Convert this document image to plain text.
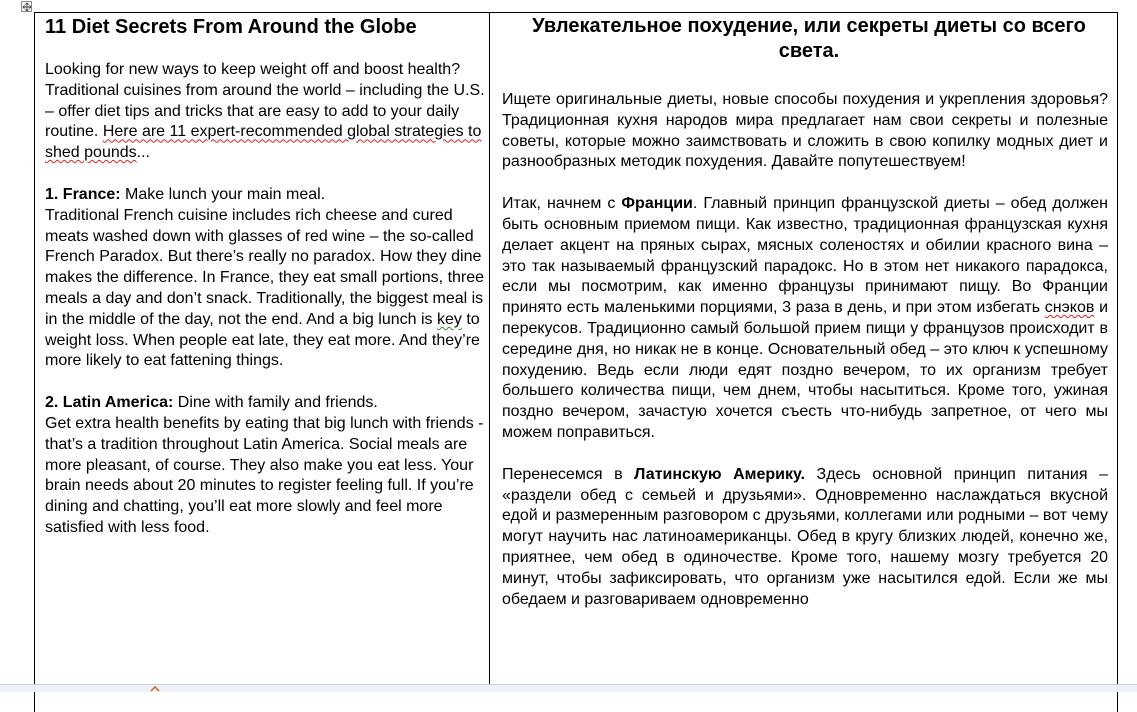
11 Diet Secrets From Around the Globe

Looking for new ways to keep weight off and boost health? Traditional cuisines from around the world – including the U.S. – offer diet tips and tricks that are easy to add to your daily routine. Here are 11 expert-recommended global strategies to shed pounds...

1. France: Make lunch your main meal.

Traditional French cuisine includes rich cheese and cured meats washed down with glasses of red wine – the so-called French Paradox. But there’s really no paradox. How they dine makes the difference. In France, they eat small portions, three meals a day and don’t snack. Traditionally, the biggest meal is in the middle of the day, not the end. And a big lunch is key to weight loss. When people eat late, they eat more. And they’re more likely to eat fattening things.

2. Latin America: Dine with family and friends.

Get extra health benefits by eating that big lunch with friends - that’s a tradition throughout Latin America. Social meals are more pleasant, of course. They also make you eat less. Your brain needs about 20 minutes to register feeling full. If you’re dining and chatting, you’ll eat more slowly and feel more satisfied with less food.

Увлекательное похудение, или секреты диеты со всего света.

Ищете оригинальные диеты, новые способы похудения и укрепления здоровья? Традиционная кухня народов мира предлагает нам свои секреты и полезные советы, которые можно заимствовать и сложить в свою копилку модных диет и разнообразных методик похудения. Давайте попутешествуем!

Итак, начнем с Франции. Главный принцип французской диеты – обед должен быть основным приемом пищи. Как известно, традиционная французская кухня делает акцент на пряных сырах, мясных соленостях и обилии красного вина – это так называемый французский парадокс. Но в этом нет никакого парадокса, если мы посмотрим, как именно французы принимают пищу. Во Франции принято есть маленькими порциями, 3 раза в день, и при этом избегать снэков и перекусов. Традиционно самый большой прием пищи у французов происходит в середине дня, но никак не в конце. Основательный обед – это ключ к успешному похудению. Ведь если люди едят поздно вечером, то их организм требует большего количества пищи, чем днем, чтобы насытиться. Кроме того, ужиная поздно вечером, зачастую хочется съесть что-нибудь запретное, от чего мы можем поправиться.

Перенесемся в Латинскую Америку. Здесь основной принцип питания – «раздели обед с семьей и друзьями». Одновременно наслаждаться вкусной едой и размеренным разговором с друзьями, коллегами или родными – вот чему могут научить нас латиноамериканцы. Обед в кругу близких людей, конечно же, приятнее, чем обед в одиночестве. Кроме того, нашему мозгу требуется 20 минут, чтобы зафиксировать, что организм уже насытился едой. Если же мы обедаем и разговариваем одновременно
